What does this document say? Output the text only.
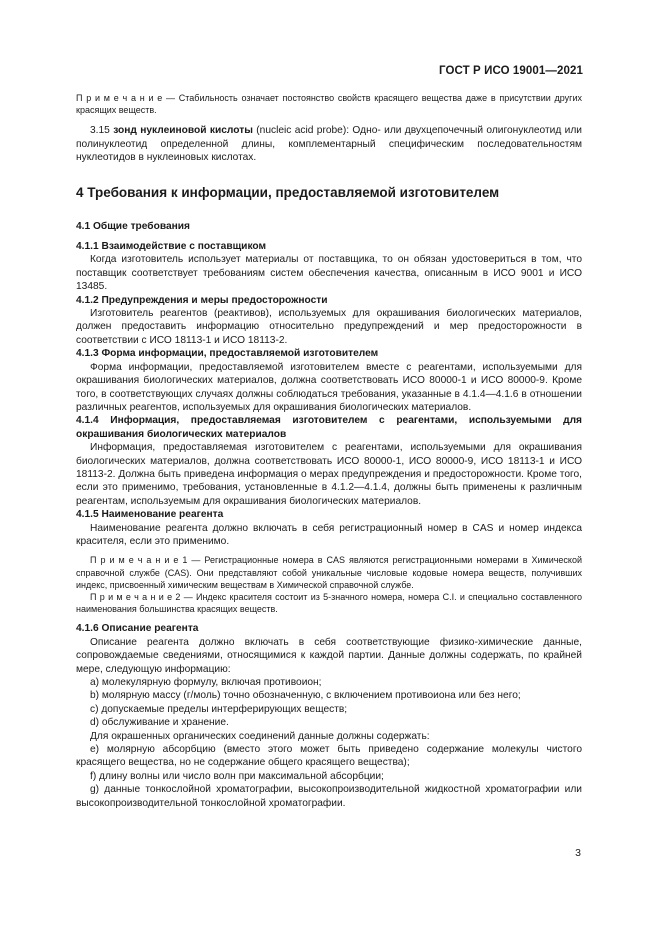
ГОСТ Р ИСО 19001—2021

П р и м е ч а н и е — Стабильность означает постоянство свойств красящего вещества даже в присутствии других красящих веществ.

3.15 зонд нуклеиновой кислоты (nucleic acid probe): Одно- или двухцепочечный олигонуклеотид или полинуклеотид определенной длины, комплементарный специфическим последовательностям нуклеотидов в нуклеиновых кислотах.

4 Требования к информации, предоставляемой изготовителем

4.1 Общие требования

4.1.1 Взаимодействие с поставщиком

Когда изготовитель использует материалы от поставщика, то он обязан удостовериться в том, что поставщик соответствует требованиям систем обеспечения качества, описанным в ИСО 9001 и ИСО 13485.

4.1.2 Предупреждения и меры предосторожности

Изготовитель реагентов (реактивов), используемых для окрашивания биологических материалов, должен предоставить информацию относительно предупреждений и мер предосторожности в соответствии с ИСО 18113-1 и ИСО 18113-2.

4.1.3 Форма информации, предоставляемой изготовителем

Форма информации, предоставляемой изготовителем вместе с реагентами, используемыми для окрашивания биологических материалов, должна соответствовать ИСО 80000-1 и ИСО 80000-9. Кроме того, в соответствующих случаях должны соблюдаться требования, указанные в 4.1.4—4.1.6 в отношении различных реагентов, используемых для окрашивания биологических материалов.

4.1.4 Информация, предоставляемая изготовителем с реагентами, используемыми для окрашивания биологических материалов

Информация, предоставляемая изготовителем с реагентами, используемыми для окрашивания биологических материалов, должна соответствовать ИСО 80000-1, ИСО 80000-9, ИСО 18113-1 и ИСО 18113-2. Должна быть приведена информация о мерах предупреждения и предосторожности. Кроме того, если это применимо, требования, установленные в 4.1.2—4.1.4, должны быть применены к различным реагентам, используемым для окрашивания биологических материалов.

4.1.5 Наименование реагента

Наименование реагента должно включать в себя регистрационный номер в CAS и номер индекса красителя, если это применимо.

П р и м е ч а н и е 1 — Регистрационные номера в CAS являются регистрационными номерами в Химической справочной службе (CAS). Они представляют собой уникальные числовые кодовые номера веществ, получивших индекс, присвоенный химическим веществам в Химической справочной службе.

П р и м е ч а н и е 2 — Индекс красителя состоит из 5-значного номера, номера C.I. и специально составленного наименования большинства красящих веществ.

4.1.6 Описание реагента

Описание реагента должно включать в себя соответствующие физико-химические данные, сопровождаемые сведениями, относящимися к каждой партии. Данные должны содержать, по крайней мере, следующую информацию:

а) молекулярную формулу, включая противоион;

b) молярную массу (г/моль) точно обозначенную, с включением противоиона или без него;

c) допускаемые пределы интерферирующих веществ;

d) обслуживание и хранение.

Для окрашенных органических соединений данные должны содержать:

е) молярную абсорбцию (вместо этого может быть приведено содержание молекулы чистого красящего вещества, но не содержание общего красящего вещества);

f) длину волны или число волн при максимальной абсорбции;

g) данные тонкослойной хроматографии, высокопроизводительной жидкостной хроматографии или высокопроизводительной тонкослойной хроматографии.

3
